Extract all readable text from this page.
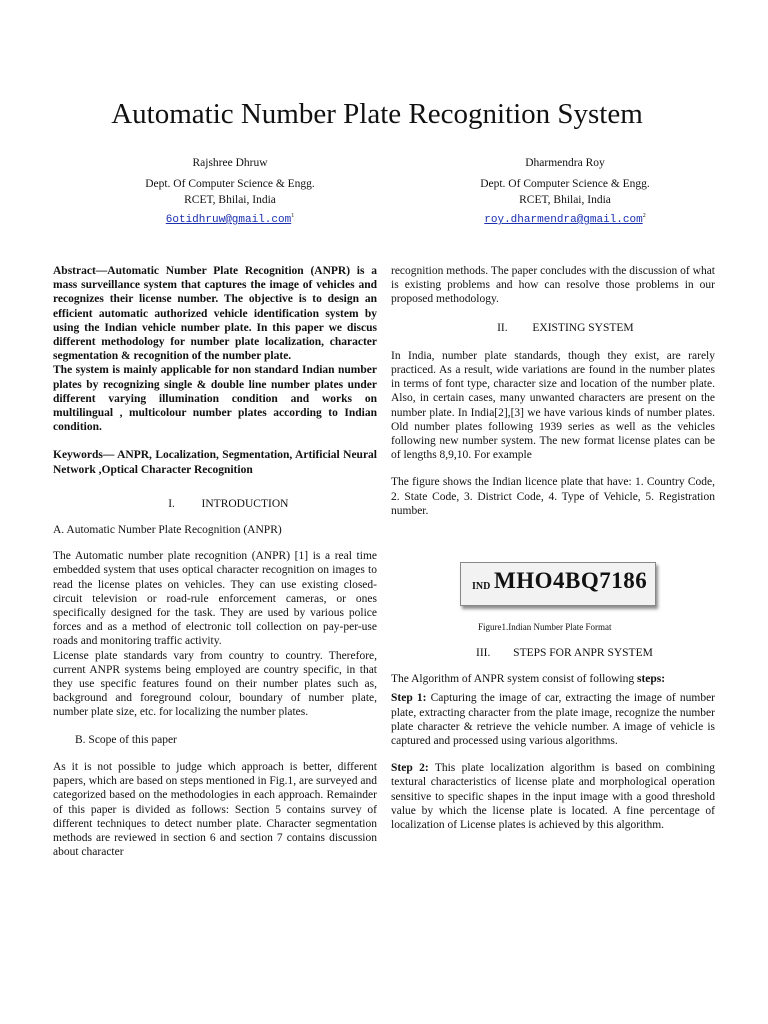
Automatic Number Plate Recognition System
Rajshree Dhruw
Dept. Of Computer Science & Engg.
RCET, Bhilai, India
6otidhruw@gmail.com$^1$
Dharmendra Roy
Dept. Of Computer Science & Engg.
RCET, Bhilai, India
roy.dharmendra@gmail.com$^2$

Abstract—Automatic Number Plate Recognition (ANPR) is a mass surveillance system that captures the image of vehicles and recognizes their license number. The objective is to design an efficient automatic authorized vehicle identification system by using the Indian vehicle number plate. In this paper we discus different methodology for number plate localization, character segmentation & recognition of the number plate.

The system is mainly applicable for non standard Indian number plates by recognizing single & double line number plates under different varying illumination condition and works on multilingual , multicolour number plates according to Indian condition.

Keywords— ANPR, Localization, Segmentation, Artificial Neural Network ,Optical Character Recognition

I. INTRODUCTION

A. Automatic Number Plate Recognition (ANPR)

The Automatic number plate recognition (ANPR) [1] is a real time embedded system that uses optical character recognition on images to read the license plates on vehicles. They can use existing closed-circuit television or road-rule enforcement cameras, or ones specifically designed for the task. They are used by various police forces and as a method of electronic toll collection on pay-per-use roads and monitoring traffic activity.

License plate standards vary from country to country. Therefore, current ANPR systems being employed are country specific, in that they use specific features found on their number plates such as, background and foreground colour, boundary of number plate, number plate size, etc. for localizing the number plates.

B. Scope of this paper

As it is not possible to judge which approach is better, different papers, which are based on steps mentioned in Fig.1, are surveyed and categorized based on the methodologies in each approach. Remainder of this paper is divided as follows: Section 5 contains survey of different techniques to detect number plate. Character segmentation methods are reviewed in section 6 and section 7 contains discussion about character

recognition methods. The paper concludes with the discussion of what is existing problems and how can resolve those problems in our proposed methodology.

II. EXISTING SYSTEM

In India, number plate standards, though they exist, are rarely practiced. As a result, wide variations are found in the number plates in terms of font type, character size and location of the number plate. Also, in certain cases, many unwanted characters are present on the number plate. In India[2],[3] we have various kinds of number plates. Old number plates following 1939 series as well as the vehicles following new number system. The new format license plates can be of lengths 8,9,10. For example

The figure shows the Indian licence plate that have: 1. Country Code, 2. State Code, 3. District Code, 4. Type of Vehicle, 5. Registration number.

IND MHO4BQ7186
Figure1.Indian Number Plate Format
III. STEPS FOR ANPR SYSTEM

The Algorithm of ANPR system consist of following steps:

Step 1: Capturing the image of car, extracting the image of number plate, extracting character from the plate image, recognize the number plate character & retrieve the vehicle number. A image of vehicle is captured and processed using various algorithms.

Step 2: This plate localization algorithm is based on combining textural characteristics of license plate and morphological operation sensitive to specific shapes in the input image with a good threshold value by which the license plate is located. A fine percentage of localization of License plates is achieved by this algorithm.
